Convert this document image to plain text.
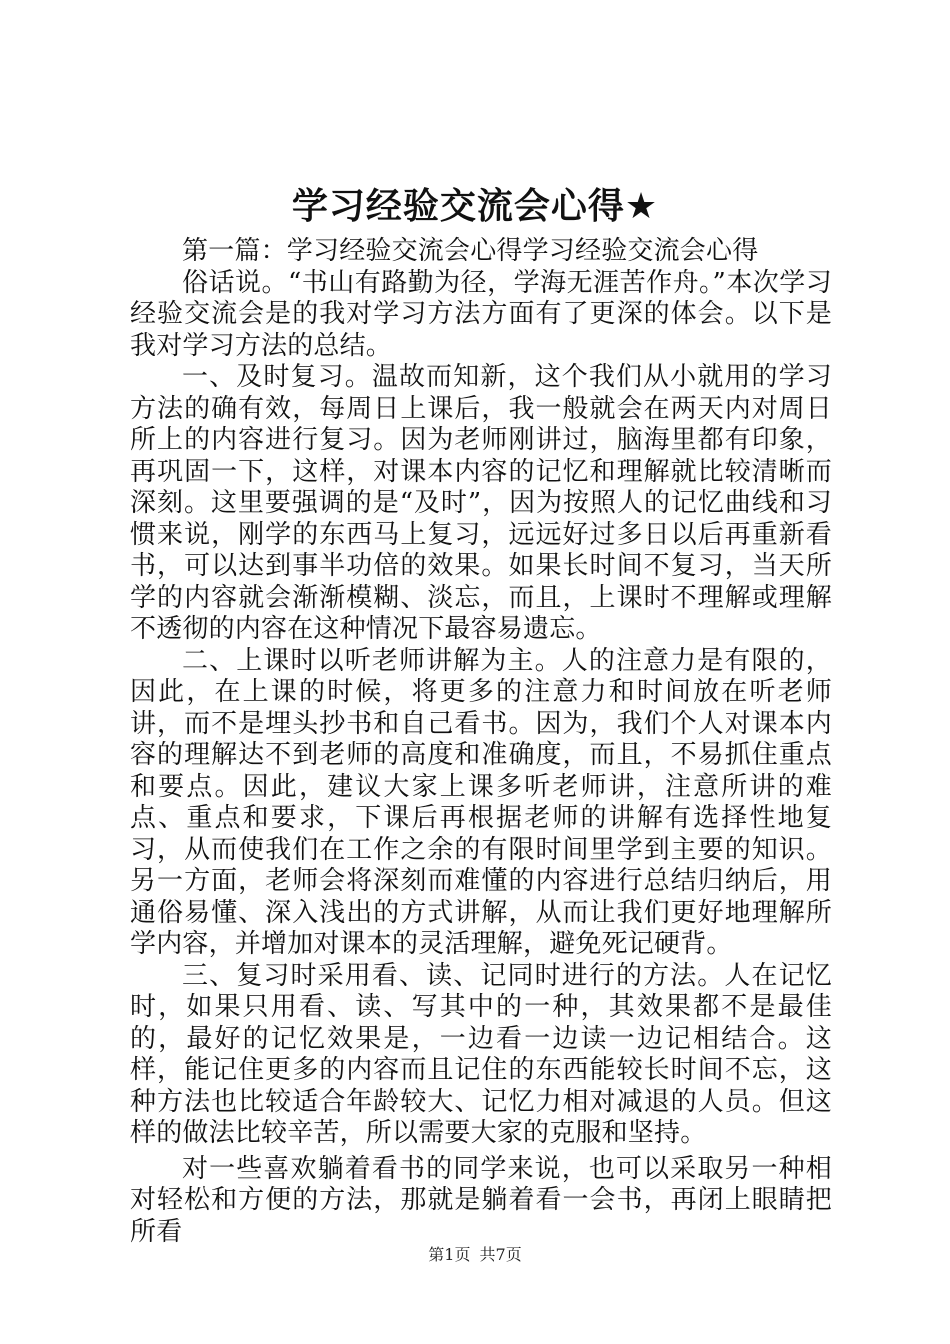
学习经验交流会心得★

第一篇：学习经验交流会心得学习经验交流会心得

俗话说。“书山有路勤为径，学海无涯苦作舟。”本次学习经验交流会是的我对学习方法方面有了更深的体会。以下是我对学习方法的总结。

一、及时复习。温故而知新，这个我们从小就用的学习方法的确有效，每周日上课后，我一般就会在两天内对周日所上的内容进行复习。因为老师刚讲过，脑海里都有印象，再巩固一下，这样，对课本内容的记忆和理解就比较清晰而深刻。这里要强调的是“及时”，因为按照人的记忆曲线和习惯来说，刚学的东西马上复习，远远好过多日以后再重新看书，可以达到事半功倍的效果。如果长时间不复习，当天所学的内容就会渐渐模糊、淡忘，而且，上课时不理解或理解不透彻的内容在这种情况下最容易遗忘。

二、上课时以听老师讲解为主。人的注意力是有限的，因此，在上课的时候，将更多的注意力和时间放在听老师讲，而不是埋头抄书和自己看书。因为，我们个人对课本内容的理解达不到老师的高度和准确度，而且，不易抓住重点和要点。因此，建议大家上课多听老师讲，注意所讲的难点、重点和要求，下课后再根据老师的讲解有选择性地复习，从而使我们在工作之余的有限时间里学到主要的知识。另一方面，老师会将深刻而难懂的内容进行总结归纳后，用通俗易懂、深入浅出的方式讲解，从而让我们更好地理解所学内容，并增加对课本的灵活理解，避免死记硬背。

三、复习时采用看、读、记同时进行的方法。人在记忆时，如果只用看、读、写其中的一种，其效果都不是最佳的，最好的记忆效果是，一边看一边读一边记相结合。这样，能记住更多的内容而且记住的东西能较长时间不忘，这种方法也比较适合年龄较大、记忆力相对减退的人员。但这样的做法比较辛苦，所以需要大家的克服和坚持。

对一些喜欢躺着看书的同学来说，也可以采取另一种相对轻松和方便的方法，那就是躺着看一会书，再闭上眼睛把所看

第1页 共7页
